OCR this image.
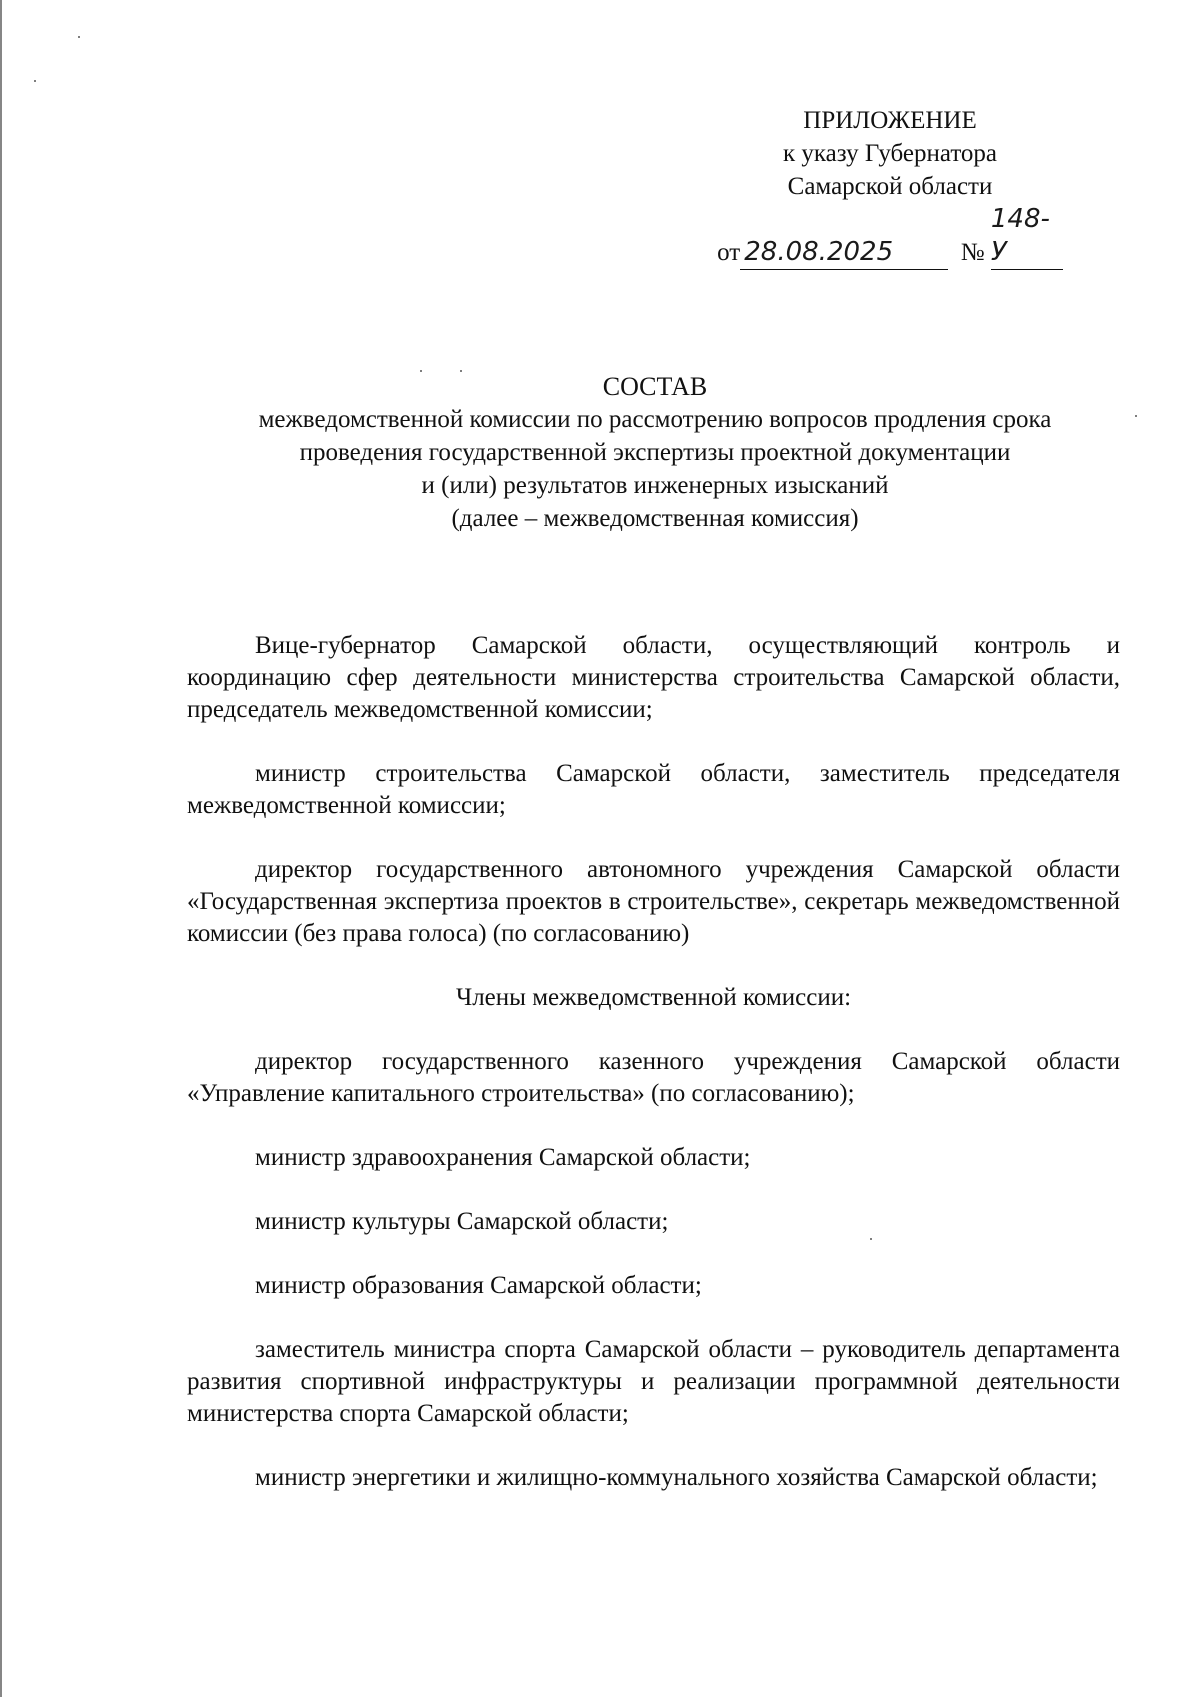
ПРИЛОЖЕНИЕ
к указу Губернатора
Самарской области
от 28.08.2025	№ 148-У
СОСТАВ
межведомственной комиссии по рассмотрению вопросов продления срока
проведения государственной экспертизы проектной документации
и (или) результатов инженерных изысканий
(далее – межведомственная комиссия)

Вице-губернатор Самарской области, осуществляющий контроль и координацию сфер деятельности министерства строительства Самарской области, председатель межведомственной комиссии;

министр строительства Самарской области, заместитель председателя межведомственной комиссии;

директор государственного автономного учреждения Самарской области «Государственная экспертиза проектов в строительстве», секретарь межведомственной комиссии (без права голоса) (по согласованию)

Члены межведомственной комиссии:

директор государственного казенного учреждения Самарской области «Управление капитального строительства» (по согласованию);

министр здравоохранения Самарской области;

министр культуры Самарской области;

министр образования Самарской области;

заместитель министра спорта Самарской области – руководитель департамента развития спортивной инфраструктуры и реализации программной деятельности министерства спорта Самарской области;

министр энергетики и жилищно-коммунального хозяйства Самарской области;
